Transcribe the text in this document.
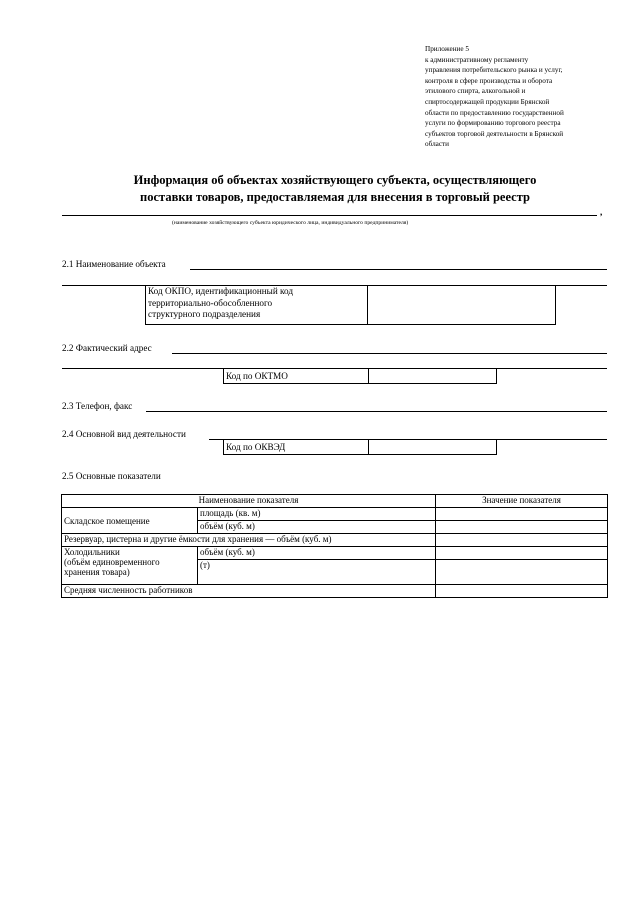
Приложение 5
к административному регламенту
управления потребительского рынка и услуг,
контроля в сфере производства и оборота
этилового спирта, алкогольной и
спиртосодержащей продукции Брянской
области по предоставлению государственной
услуги по формированию торгового реестра
субъектов торговой деятельности в Брянской
области
Информация об объектах хозяйствующего субъекта, осуществляющего
поставки товаров, предоставляемая для внесения в торговый реестр
,
(наименование хозяйствующего субъекта юридического лица, индивидуального предпринимателя)
2.1 Наименование объекта
Код ОКПО, идентификационный код
территориально-обособленного
структурного подразделения
2.2 Фактический адрес
Код по ОКТМО
2.3 Телефон, факс
2.4 Основной вид деятельности
Код по ОКВЭД
2.5 Основные показатели
Наименование показателя		Значение показателя
Складское помещение	площадь (кв. м)	
	объём (куб. м)	
Резервуар, цистерна и другие ёмкости для хранения — объём (куб. м)		

Холодильники
(объём единовременного
хранения товара)	объём (куб. м)	
	(т)	
Средняя численность работников		
